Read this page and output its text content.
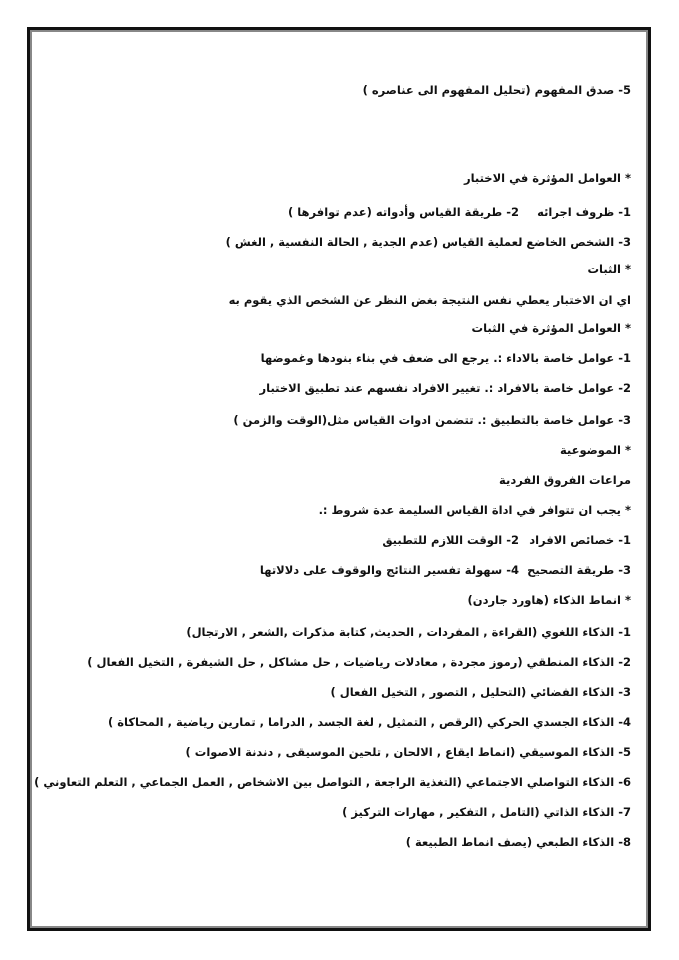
5- صدق المفهوم (تحليل المفهوم الى عناصره )
* العوامل المؤثرة في الاختبار
1- ظروف اجرائه
2- طريقة القياس وأدواته (عدم توافرها )
3- الشخص الخاضع لعملية القياس (عدم الجدية , الحالة النفسية , الغش )
* الثبات
اي ان الاختبار يعطي نفس النتيجة بغض النظر عن الشخص الذي يقوم به
* العوامل المؤثرة في الثبات
1- عوامل خاصة بالاداء :. يرجع الى ضعف في بناء بنودها وغموضها
2- عوامل خاصة بالافراد :. تغيير الافراد نفسهم عند تطبيق الاختبار
3- عوامل خاصة بالتطبيق :. تتضمن ادوات القياس مثل(الوقت والزمن )
* الموضوعية
مراعات الفروق الفردية
* يجب ان تتوافر في اداة القياس السليمة عدة شروط :.
1- خصائص الافراد
2- الوقت اللازم للتطبيق
3- طريقة التصحيح
4- سهولة تفسير النتائج والوقوف على دلالاتها
* انماط الذكاء (هاورد جاردن)
1- الذكاء اللغوي (القراءة , المفردات , الحديث, كتابة مذكرات ,الشعر , الارتجال)
2- الذكاء المنطقي (رموز مجردة , معادلات رياضيات , حل مشاكل , حل الشيفرة , التخيل الفعال )
3- الذكاء الفضائي (التحليل , التصور , التخيل الفعال )
4- الذكاء الجسدي الحركي (الرقص , التمثيل , لغة الجسد , الدراما , تمارين رياضية , المحاكاة )
5- الذكاء الموسيقي (انماط ايقاع , الالحان , تلحين الموسيقى , دندنة الاصوات )
6- الذكاء التواصلي الاجتماعي (التغذية الراجعة , التواصل بين الاشخاص , العمل الجماعي , التعلم التعاوني )
7- الذكاء الذاتي (التامل , التفكير , مهارات التركيز )
8- الذكاء الطبعي (يصف انماط الطبيعة )
